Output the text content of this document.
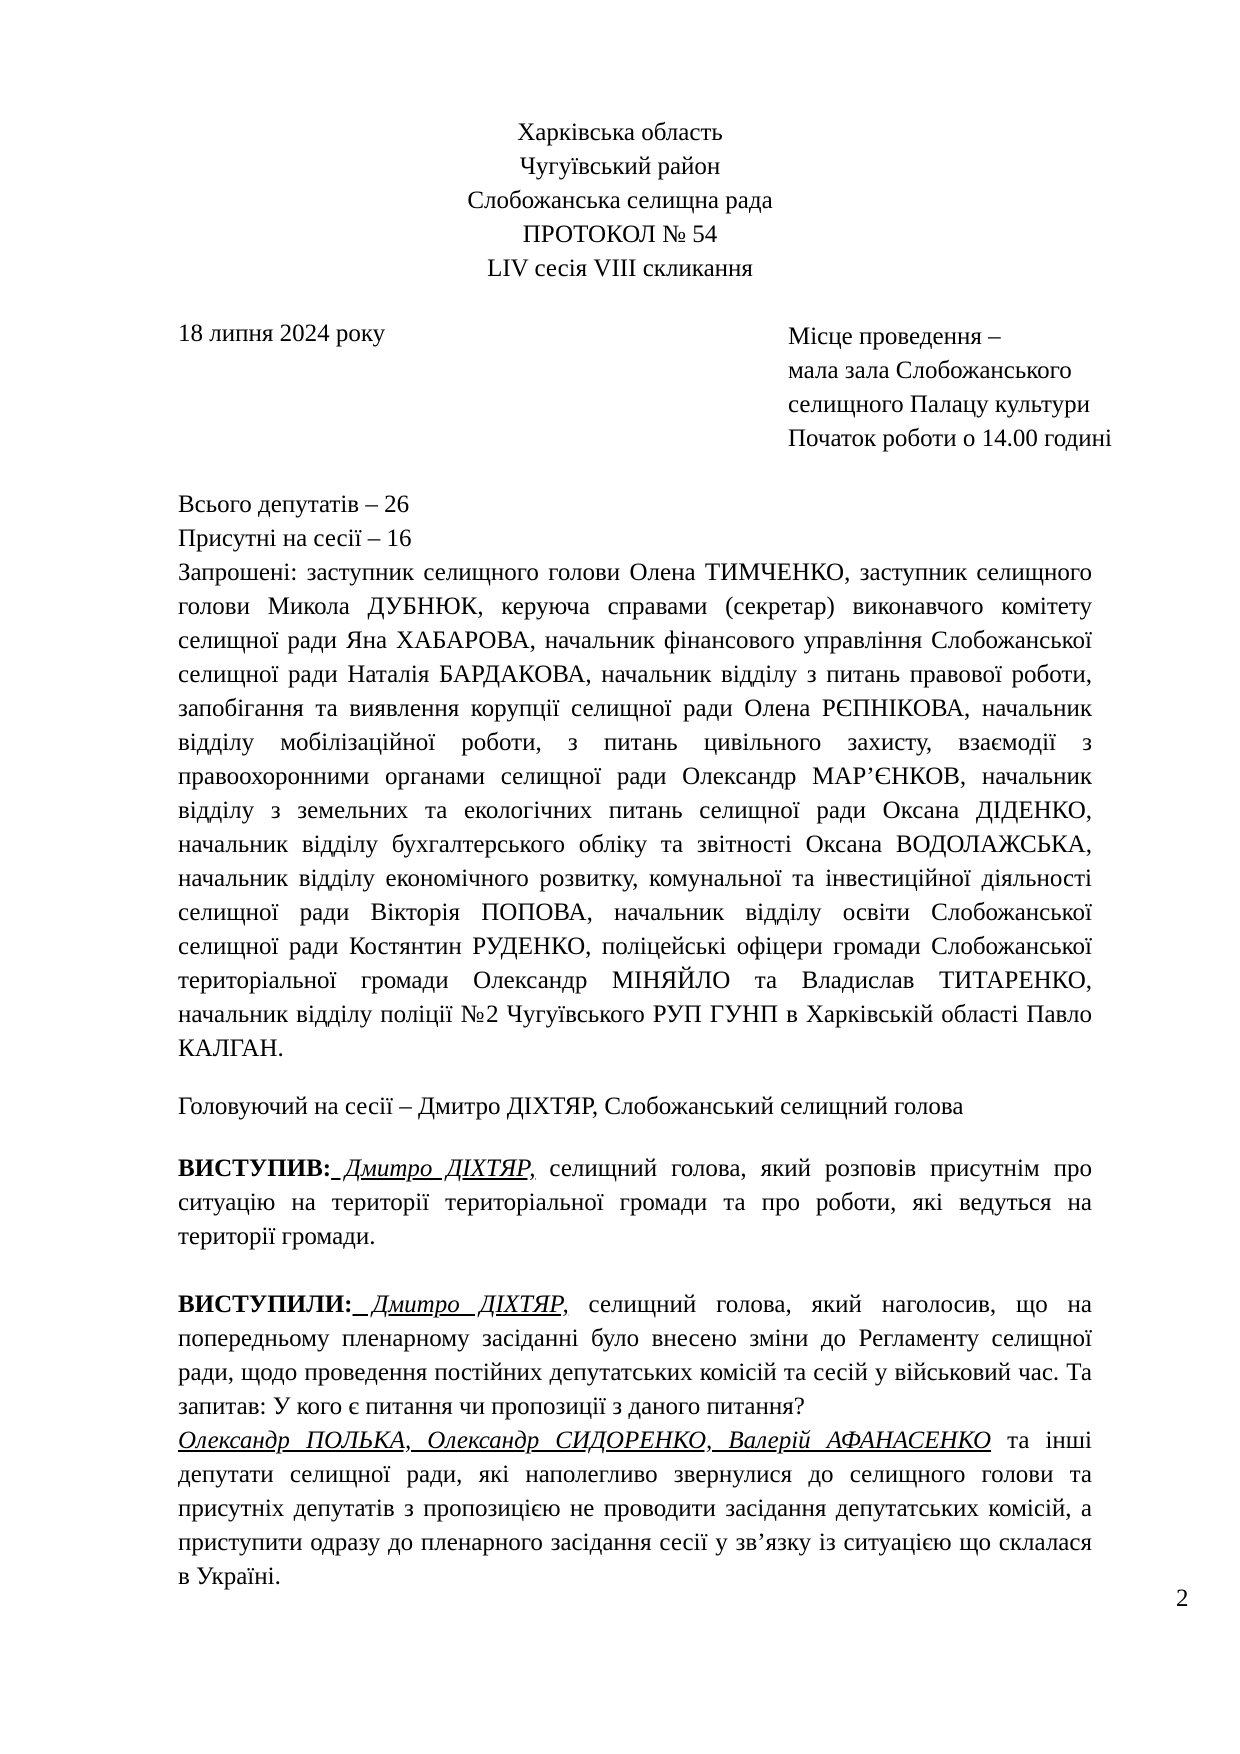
Харківська область
Чугуївський район
Слобожанська селищна рада
ПРОТОКОЛ № 54
LIV сесія VIII скликання
18 липня 2024 року	Місце проведення –
мала зала Слобожанського
селищного Палацу культури
Початок роботи о 14.00 годині
Всього депутатів – 26
Присутні на сесії – 16
Запрошені: заступник селищного голови Олена ТИМЧЕНКО, заступник селищного голови Микола ДУБНЮК, керуюча справами (секретар) виконавчого комітету селищної ради Яна ХАБАРОВА, начальник фінансового управління Слобожанської селищної ради Наталія БАРДАКОВА, начальник відділу з питань правової роботи, запобігання та виявлення корупції селищної ради Олена РЄПНІКОВА, начальник відділу мобілізаційної роботи, з питань цивільного захисту, взаємодії з правоохоронними органами селищної ради Олександр МАР’ЄНКОВ, начальник відділу з земельних та екологічних питань селищної ради Оксана ДІДЕНКО, начальник відділу бухгалтерського обліку та звітності Оксана ВОДОЛАЖСЬКА, начальник відділу економічного розвитку, комунальної та інвестиційної діяльності селищної ради Вікторія ПОПОВА, начальник відділу освіти Слобожанської селищної ради Костянтин РУДЕНКО, поліцейські офіцери громади Слобожанської територіальної громади Олександр МІНЯЙЛО та Владислав ТИТАРЕНКО, начальник відділу поліції №2 Чугуївського РУП ГУНП в Харківській області Павло КАЛГАН.
Головуючий на сесії – Дмитро ДІХТЯР, Слобожанський селищний голова
ВИСТУПИВ: Дмитро ДІХТЯР, селищний голова, який розповів присутнім про ситуацію на території територіальної громади та про роботи, які ведуться на території громади.
ВИСТУПИЛИ: Дмитро ДІХТЯР, селищний голова, який наголосив, що на попередньому пленарному засіданні було внесено зміни до Регламенту селищної ради, щодо проведення постійних депутатських комісій та сесій у військовий час. Та запитав: У кого є питання чи пропозиції з даного питання?
Олександр ПОЛЬКА, Олександр СИДОРЕНКО, Валерій АФАНАСЕНКО та інші депутати селищної ради, які наполегливо звернулися до селищного голови та присутніх депутатів з пропозицією не проводити засідання депутатських комісій, а приступити одразу до пленарного засідання сесії у зв’язку із ситуацією що склалася в Україні.
2
